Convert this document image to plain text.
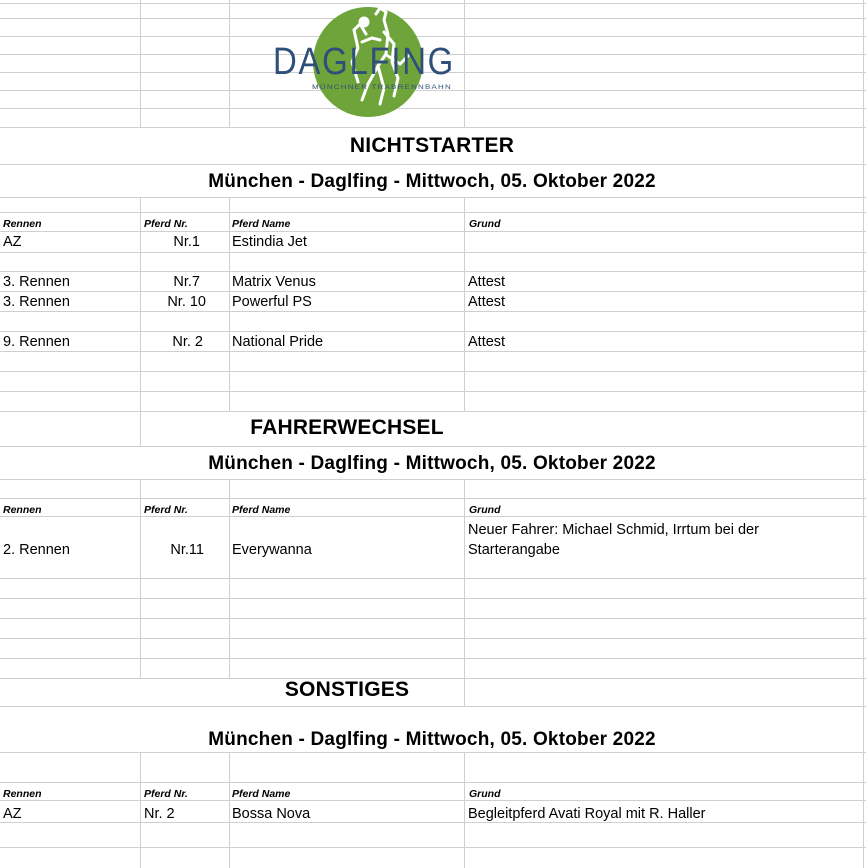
DAGLFING
MÜNCHNER TRABRENNBAHN
NICHTSTARTER
München - Daglfing - Mittwoch, 05. Oktober 2022
Rennen	Pferd Nr.	Pferd Name	Grund
AZ	Nr.1 Estindia Jet
3. Rennen	Nr.7 Matrix Venus	Attest
3. Rennen	Nr. 10 Powerful PS	Attest
9. Rennen	Nr. 2 National Pride	Attest
FAHRERWECHSEL
München - Daglfing - Mittwoch, 05. Oktober 2022
Rennen	Pferd Nr.	Pferd Name	Grund
2. Rennen	Nr.11 Everywanna
Neuer Fahrer: Michael Schmid, Irrtum bei der
Starterangabe
SONSTIGES
München - Daglfing - Mittwoch, 05. Oktober 2022
Rennen	Pferd Nr.	Pferd Name	Grund
AZ	Nr. 2	Bossa Nova	Begleitpferd Avati Royal mit R. Haller
